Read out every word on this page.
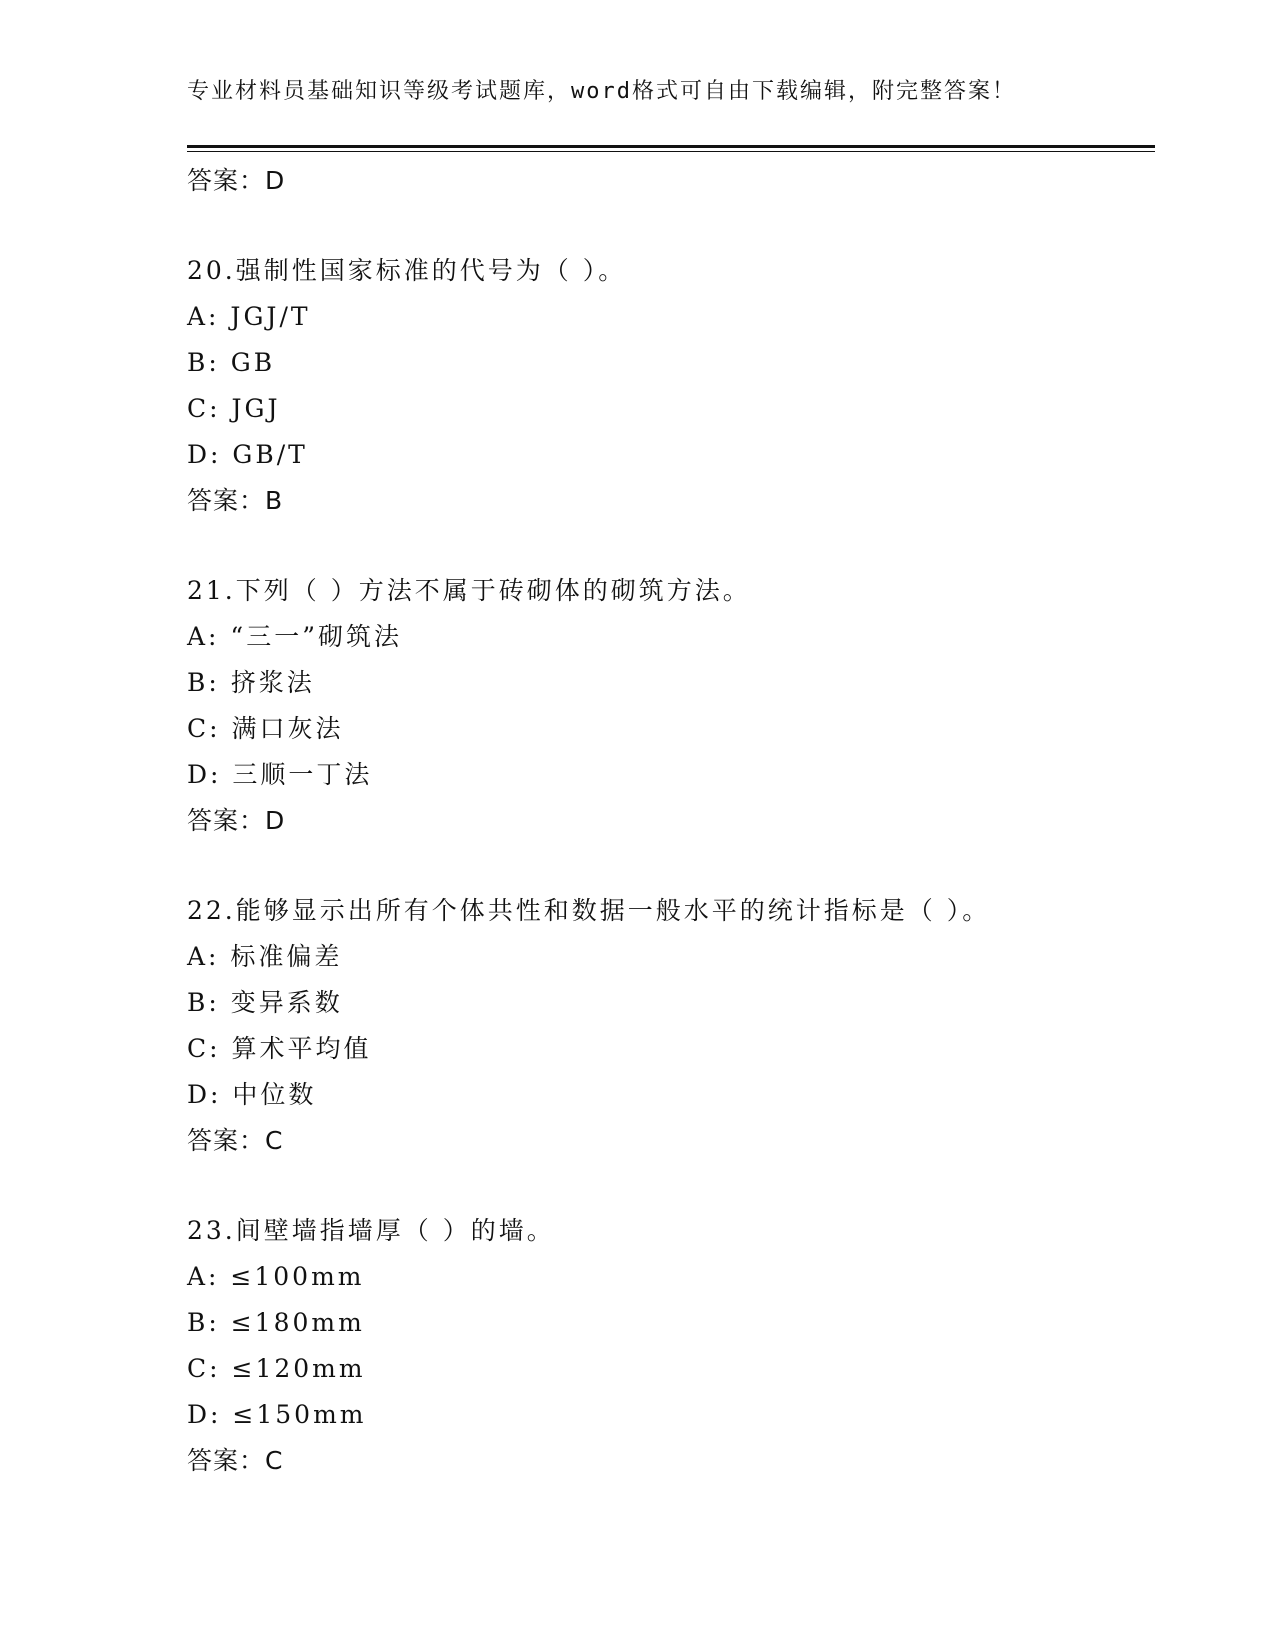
专业材料员基础知识等级考试题库，word格式可自由下载编辑，附完整答案！
答案：D
20.强制性国家标准的代号为（ ）。
A: JGJ/T
B: GB
C: JGJ
D: GB/T
答案：B
21.下列（ ）方法不属于砖砌体的砌筑方法。
A: “三一”砌筑法
B: 挤浆法
C: 满口灰法
D: 三顺一丁法
答案：D
22.能够显示出所有个体共性和数据一般水平的统计指标是（ ）。
A: 标准偏差
B: 变异系数
C: 算术平均值
D: 中位数
答案：C
23.间壁墙指墙厚（ ）的墙。
A: ≤100mm
B: ≤180mm
C: ≤120mm
D: ≤150mm
答案：C
